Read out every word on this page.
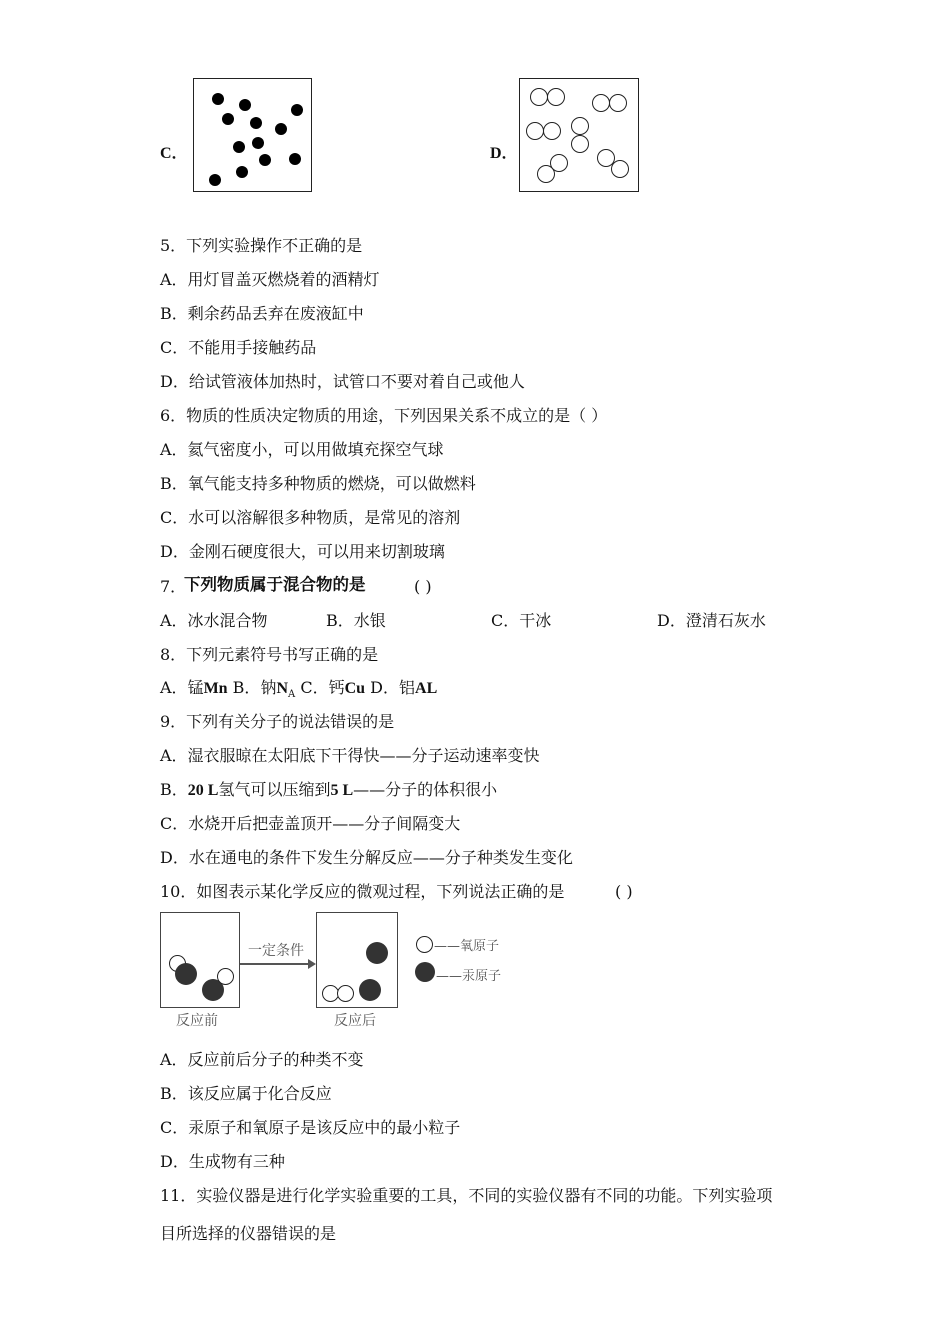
C．	D．
5．下列实验操作不正确的是
A．用灯冒盖灭燃烧着的酒精灯
B．剩余药品丢弃在废液缸中
C．不能用手接触药品
D．给试管液体加热时，试管口不要对着自己或他人
6．物质的性质决定物质的用途，下列因果关系不成立的是（ ）
A．氦气密度小，可以用做填充探空气球
B．氧气能支持多种物质的燃烧，可以做燃料
C．水可以溶解很多种物质，是常见的溶剂
D．金刚石硬度很大，可以用来切割玻璃
7．
下列物质属于混合物的是	( )
A．冰水混合物	B．水银	C．干冰	D．澄清石灰水
8．下列元素符号书写正确的是
A．锰Mn B．钠$N_A$ C．钙Cu D．铝AL
9．下列有关分子的说法错误的是
A．湿衣服晾在太阳底下干得快——分子运动速率变快
B．20 L氢气可以压缩到5 L——分子的体积很小
C．水烧开后把壶盖顶开——分子间隔变大
D．水在通电的条件下发生分解反应——分子种类发生变化
10．如图表示某化学反应的微观过程，下列说法正确的是	( )
一定条件
反应前	反应后
——氧原子
——汞原子
A．反应前后分子的种类不变
B．该反应属于化合反应
C．汞原子和氧原子是该反应中的最小粒子
D．生成物有三种
11．实验仪器是进行化学实验重要的工具，不同的实验仪器有不同的功能。下列实验项
目所选择的仪器错误的是
